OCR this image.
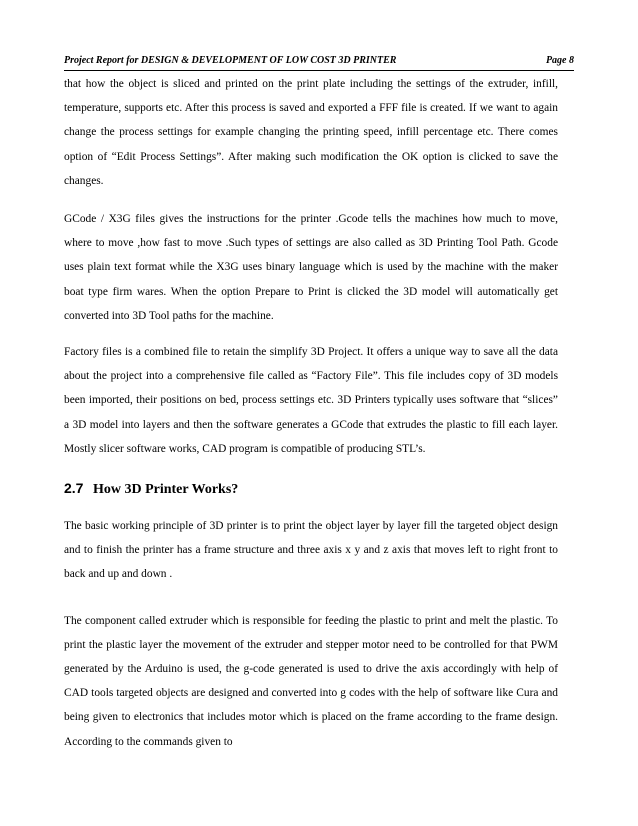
Project Report for DESIGN & DEVELOPMENT OF LOW COST 3D PRINTER	Page 8

that how the object is sliced and printed on the print plate including the settings of the extruder, infill, temperature, supports etc. After this process is saved and exported a FFF file is created. If we want to again change the process settings for example changing the printing speed, infill percentage etc. There comes option of “Edit Process Settings”. After making such modification the OK option is clicked to save the changes.

GCode / X3G files gives the instructions for the printer .Gcode tells the machines how much to move, where to move ,how fast to move .Such types of settings are also called as 3D Printing Tool Path. Gcode uses plain text format while the X3G uses binary language which is used by the machine with the maker boat type firm wares. When the option Prepare to Print is clicked the 3D model will automatically get converted into 3D Tool paths for the machine.

Factory files is a combined file to retain the simplify 3D Project. It offers a unique way to save all the data about the project into a comprehensive file called as “Factory File”. This file includes copy of 3D models been imported, their positions on bed, process settings etc. 3D Printers typically uses software that “slices” a 3D model into layers and then the software generates a GCode that extrudes the plastic to fill each layer. Mostly slicer software works, CAD program is compatible of producing STL’s.

2.7 How 3D Printer Works?

The basic working principle of 3D printer is to print the object layer by layer fill the targeted object design and to finish the printer has a frame structure and three axis x y and z axis that moves left to right front to back and up and down .

The component called extruder which is responsible for feeding the plastic to print and melt the plastic. To print the plastic layer the movement of the extruder and stepper motor need to be controlled for that PWM generated by the Arduino is used, the g-code generated is used to drive the axis accordingly with help of CAD tools targeted objects are designed and converted into g codes with the help of software like Cura and being given to electronics that includes motor which is placed on the frame according to the frame design. According to the commands given to
